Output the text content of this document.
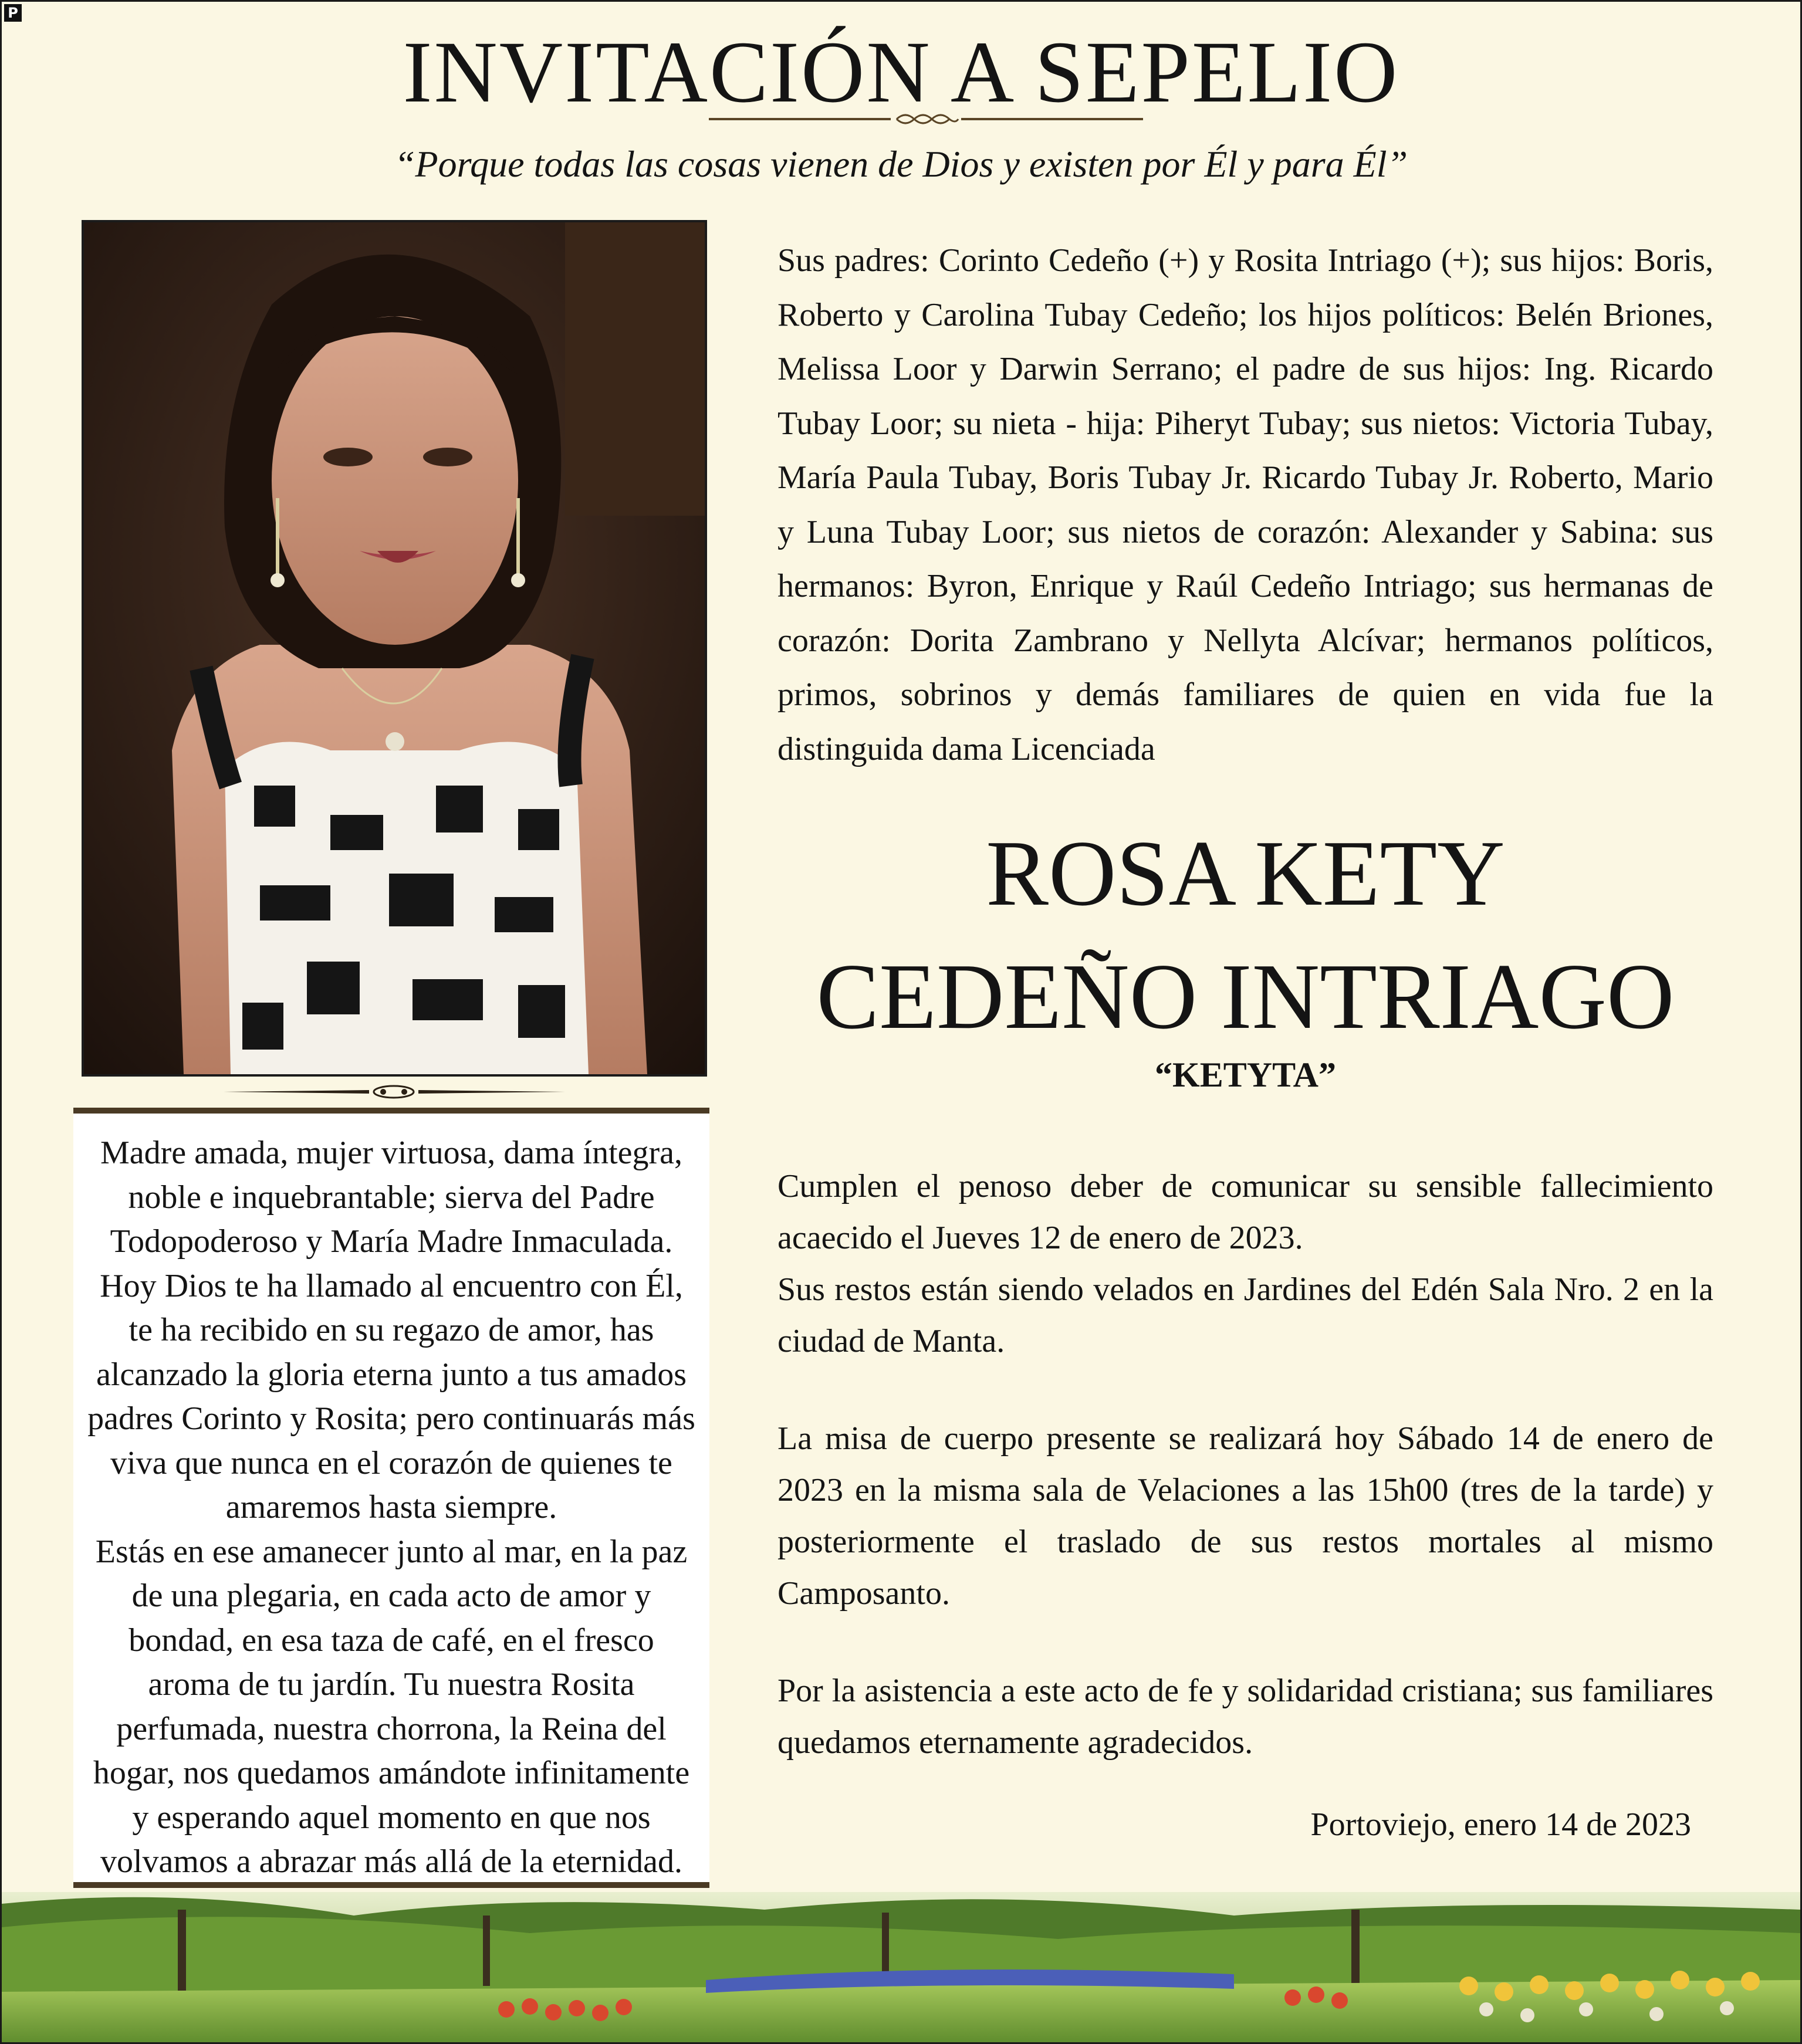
P
INVITACIÓN A SEPELIO
“Porque todas las cosas vienen de Dios y existen por Él y para Él”

Madre amada, mujer virtuosa, dama íntegra, noble e inquebrantable; sierva del Padre Todopoderoso y María Madre Inmaculada. Hoy Dios te ha llamado al encuentro con Él, te ha recibido en su regazo de amor, has alcanzado la gloria eterna junto a tus amados padres Corinto y Rosita; pero continuarás más viva que nunca en el corazón de quienes te amaremos hasta siempre.

Estás en ese amanecer junto al mar, en la paz de una plegaria, en cada acto de amor y bondad, en esa taza de café, en el fresco aroma de tu jardín. Tu nuestra Rosita perfumada, nuestra chorrona, la Reina del hogar, nos quedamos amándote infinitamente y esperando aquel momento en que nos volvamos a abrazar más allá de la eternidad.

Sus padres: Corinto Cedeño (+) y Rosita Intriago (+); sus hijos: Boris, Roberto y Carolina Tubay Cedeño; los hijos políticos: Belén Briones, Melissa Loor y Darwin Serrano; el padre de sus hijos: Ing. Ricardo Tubay Loor; su nieta - hija: Piheryt Tubay; sus nietos: Victoria Tubay, María Paula Tubay, Boris Tubay Jr. Ricardo Tubay Jr. Roberto, Mario y Luna Tubay Loor; sus nietos de corazón: Alexander y Sabina: sus hermanos: Byron, Enrique y Raúl Cedeño Intriago; sus hermanas de corazón: Dorita Zambrano y Nellyta Alcívar; hermanos políticos, primos, sobrinos y demás familiares de quien en vida fue la distinguida dama Licenciada
ROSA KETY
CEDEÑO INTRIAGO
“KETYTA”

Cumplen el penoso deber de comunicar su sensible fallecimiento acaecido el Jueves 12 de enero de 2023.

Sus restos están siendo velados en Jardines del Edén Sala Nro. 2 en la ciudad de Manta.

La misa de cuerpo presente se realizará hoy Sábado 14 de enero de 2023 en la misma sala de Velaciones a las 15h00 (tres de la tarde) y posteriormente el traslado de sus restos mortales al mismo Camposanto.

Por la asistencia a este acto de fe y solidaridad cristiana; sus familiares quedamos eternamente agradecidos.

Portoviejo, enero 14 de 2023
